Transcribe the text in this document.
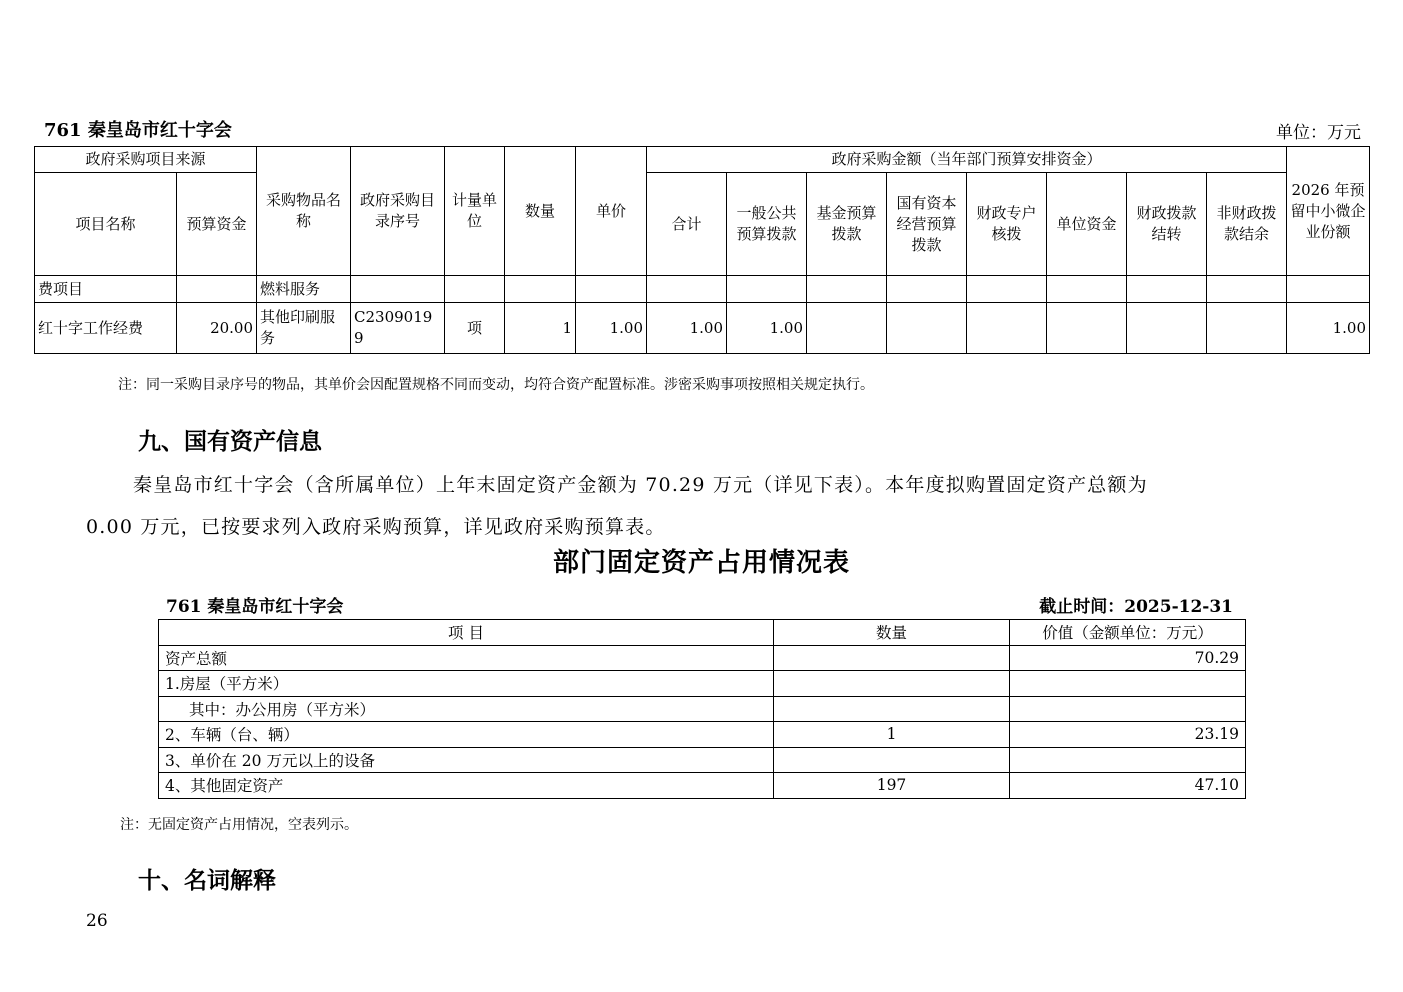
761 秦皇岛市红十字会	单位：万元
政府采购项目来源		采购物品名称	政府采购目录序号	计量单位	数量	单价	政府采购金额（当年部门预算安排资金）								2026 年预留中小微企业份额
项目名称	预算资金						合计	一般公共预算拨款	基金预算拨款	国有资本经营预算拨款	财政专户核拨	单位资金	财政拨款结转	非财政拨款结余	
费项目		燃料服务													
红十字工作经费	20.00	其他印刷服务	C23090199	项	1	1.00	1.00	1.00							1.00
注：同一采购目录序号的物品，其单价会因配置规格不同而变动，均符合资产配置标准。涉密采购事项按照相关规定执行。
九、国有资产信息
秦皇岛市红十字会（含所属单位）上年末固定资产金额为 70.29 万元（详见下表）。本年度拟购置固定资产总额为
0.00 万元，已按要求列入政府采购预算，详见政府采购预算表。
部门固定资产占用情况表
761 秦皇岛市红十字会	截止时间：2025-12-31
项 目	数量	价值（金额单位：万元）
资产总额		70.29
1.房屋（平方米）		
其中：办公用房（平方米）		
2、车辆（台、辆）	1	23.19
3、单价在 20 万元以上的设备		
4、其他固定资产	197	47.10
注：无固定资产占用情况，空表列示。
十、名词解释
26
